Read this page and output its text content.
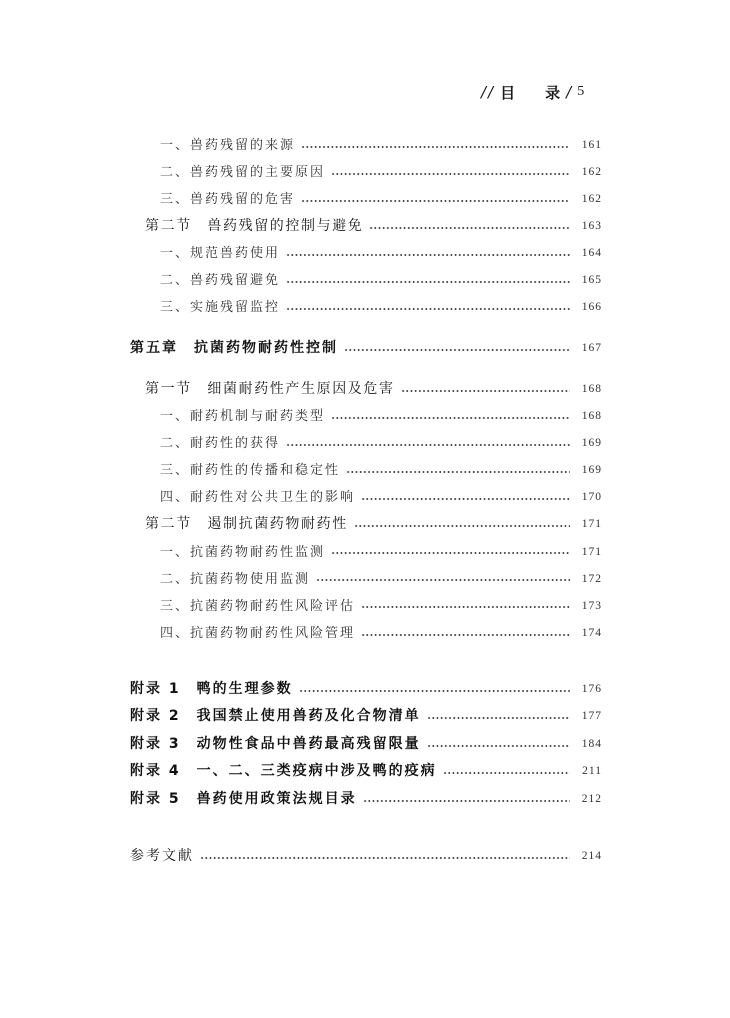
// 目　　录 / 5
一、兽药残留的来源	161
二、兽药残留的主要原因	162
三、兽药残留的危害	162
第二节　兽药残留的控制与避免	163
一、规范兽药使用	164
二、兽药残留避免	165
三、实施残留监控	166
第五章　抗菌药物耐药性控制	167
第一节　细菌耐药性产生原因及危害	168
一、耐药机制与耐药类型	168
二、耐药性的获得	169
三、耐药性的传播和稳定性	169
四、耐药性对公共卫生的影响	170
第二节　遏制抗菌药物耐药性	171
一、抗菌药物耐药性监测	171
二、抗菌药物使用监测	172
三、抗菌药物耐药性风险评估	173
四、抗菌药物耐药性风险管理	174
附录 1　鸭的生理参数	176
附录 2　我国禁止使用兽药及化合物清单	177
附录 3　动物性食品中兽药最高残留限量	184
附录 4　一、二、三类疫病中涉及鸭的疫病	211
附录 5　兽药使用政策法规目录	212
参考文献	214
